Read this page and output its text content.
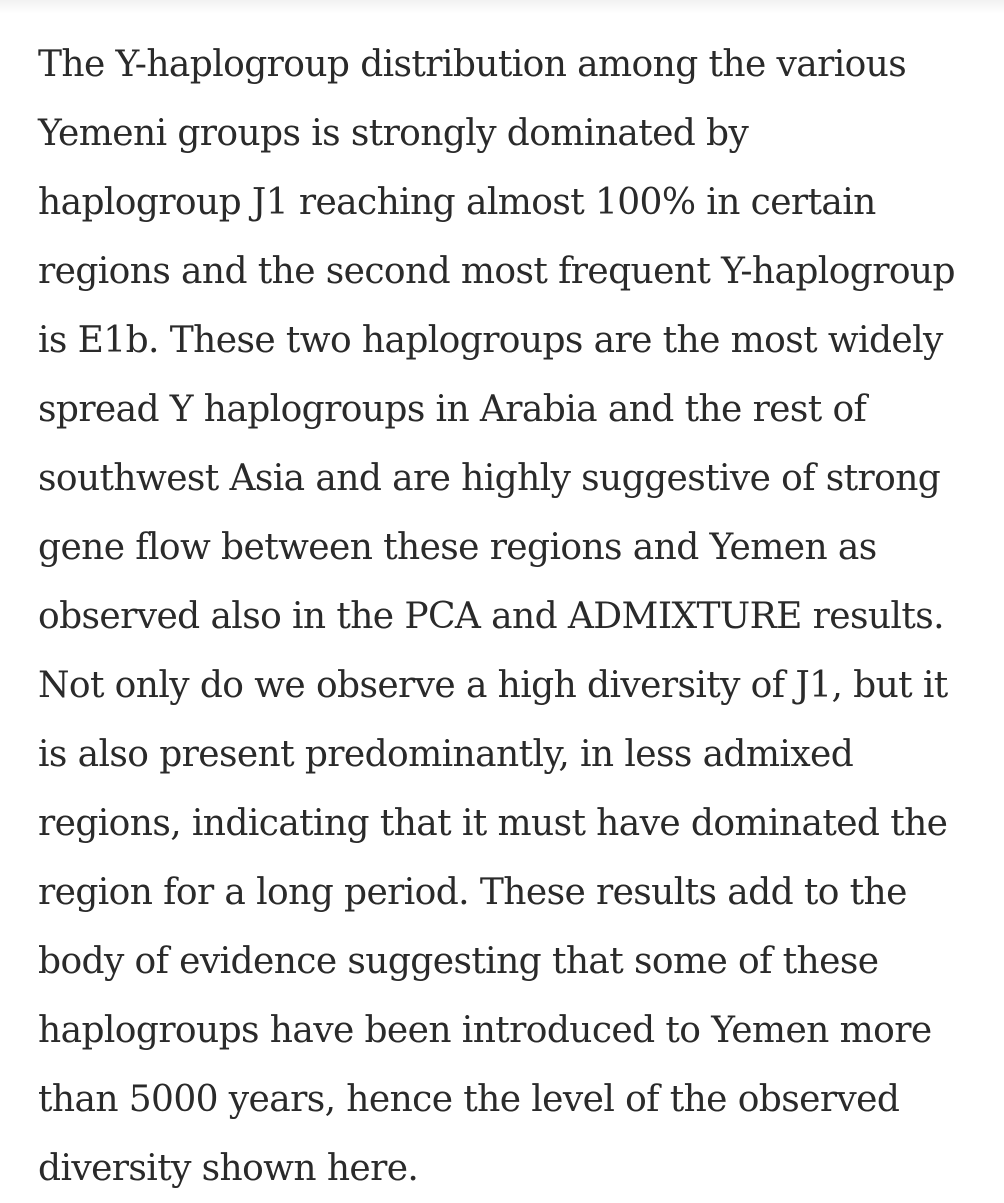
The Y-haplogroup distribution among the various
Yemeni groups is strongly dominated by
haplogroup J1 reaching almost 100% in certain
regions and the second most frequent Y-haplogroup
is E1b. These two haplogroups are the most widely
spread Y haplogroups in Arabia and the rest of
southwest Asia and are highly suggestive of strong
gene flow between these regions and Yemen as
observed also in the PCA and ADMIXTURE results.
Not only do we observe a high diversity of J1, but it
is also present predominantly, in less admixed
regions, indicating that it must have dominated the
region for a long period. These results add to the
body of evidence suggesting that some of these
haplogroups have been introduced to Yemen more
than 5000 years, hence the level of the observed
diversity shown here.
